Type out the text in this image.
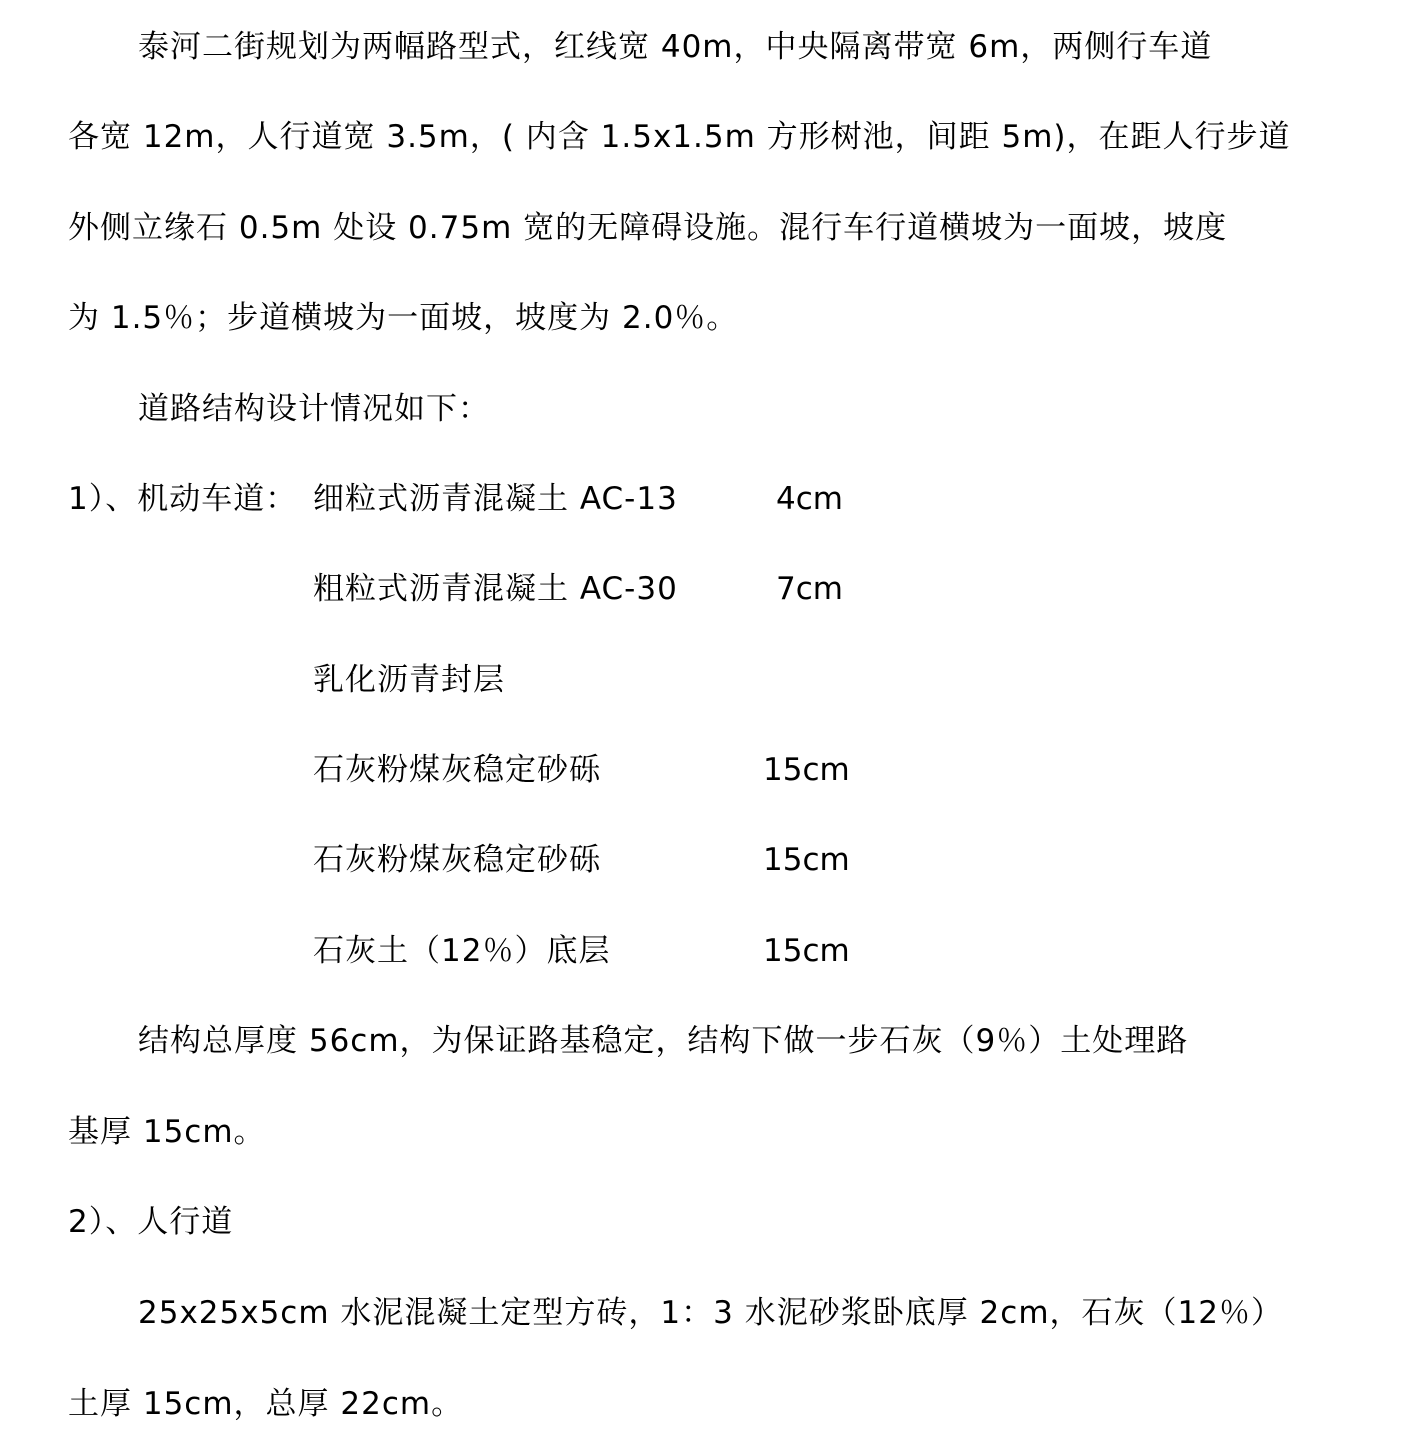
泰河二街规划为两幅路型式，红线宽 40m，中央隔离带宽 6m，两侧行车道
各宽 12m，人行道宽 3.5m，( 内含 1.5x1.5m 方形树池，间距 5m)，在距人行步道
外侧立缘石 0.5m 处设 0.75m 宽的无障碍设施。混行车行道横坡为一面坡，坡度
为 1.5％；步道横坡为一面坡，坡度为 2.0％。
道路结构设计情况如下：
1）、机动车道： 细粒式沥青混凝土 AC-13	4cm
粗粒式沥青混凝土 AC-30	7cm
乳化沥青封层
石灰粉煤灰稳定砂砾	15cm
石灰粉煤灰稳定砂砾	15cm
石灰土（12％）底层	15cm
结构总厚度 56cm，为保证路基稳定，结构下做一步石灰（9％）土处理路
基厚 15cm。
2）、人行道
25x25x5cm 水泥混凝土定型方砖，1：3 水泥砂浆卧底厚 2cm，石灰（12％）
土厚 15cm，总厚 22cm。
